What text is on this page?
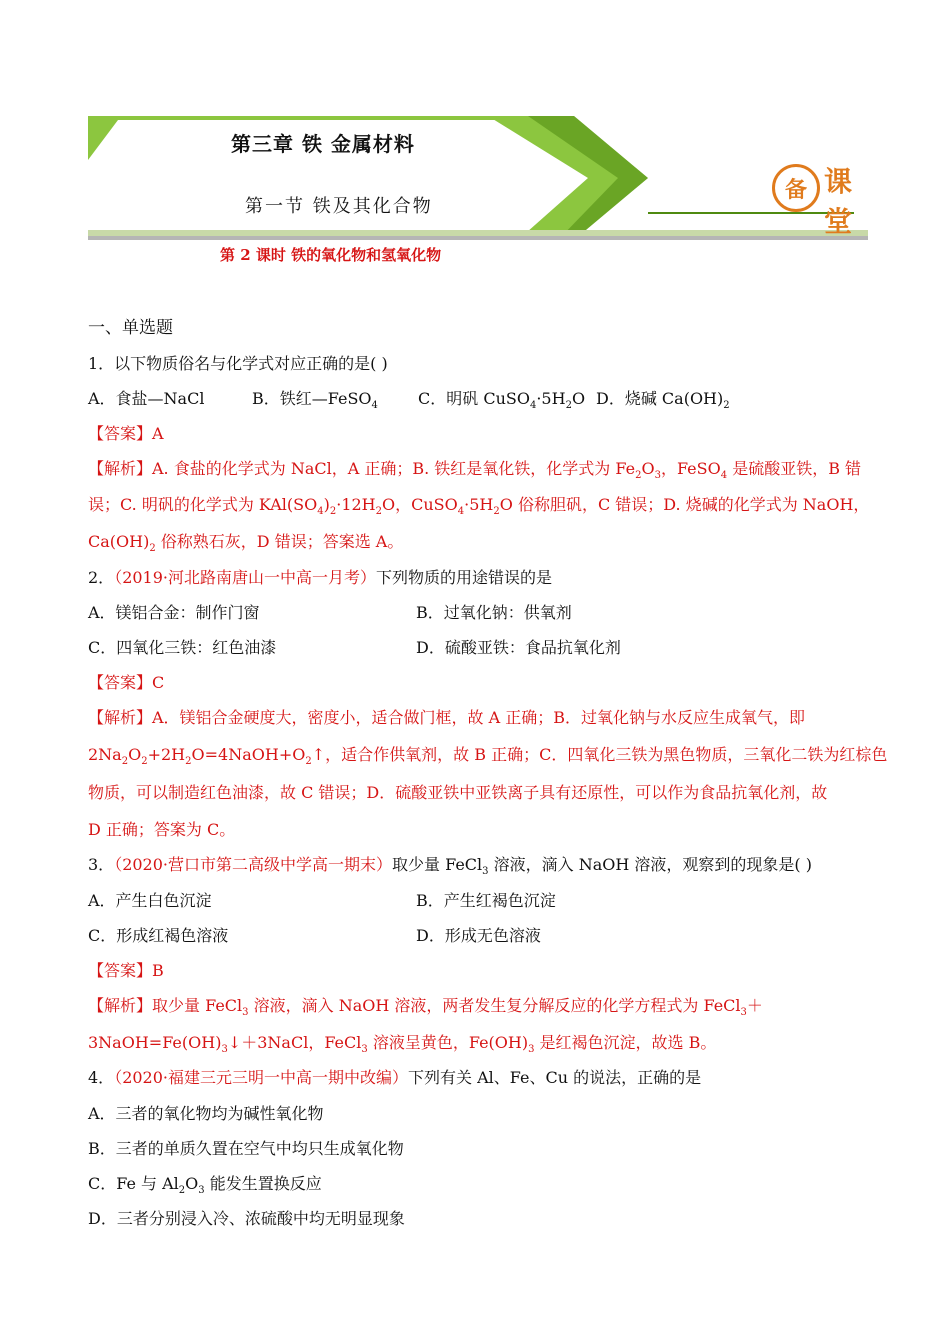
第三章 铁 金属材料
第一节 铁及其化合物
第 2 课时 铁的氧化物和氢氧化物
备 课堂
一、单选题
1．以下物质俗名与化学式对应正确的是( )
A．食盐—NaCl	B．铁红—FeSO$_4$	C．明矾 $CuSO_4\cdot 5H_2O$ D．烧碱 $Ca(OH)_2$
【答案】A
【解析】A. 食盐的化学式为 NaCl，A 正确；B. 铁红是氧化铁，化学式为 $Fe_2O_3$，FeSO$_4$ 是硫酸亚铁，B 错
误；C. 明矾的化学式为 $KAl(SO_4)_2\cdot 12H_2O$，$CuSO_4\cdot 5H_2O$ 俗称胆矾，C 错误；D. 烧碱的化学式为 NaOH，
$Ca(OH)_2$ 俗称熟石灰，D 错误；答案选 A。
2．（2019·河北路南唐山一中高一月考）下列物质的用途错误的是
A．镁铝合金：制作门窗	B．过氧化钠：供氧剂
C．四氧化三铁：红色油漆	D．硫酸亚铁：食品抗氧化剂
【答案】C
【解析】A．镁铝合金硬度大，密度小，适合做门框，故 A 正确；B．过氧化钠与水反应生成氧气，即
$2Na_2O_2+2H_2O=4NaOH+O_2↑$，适合作供氧剂，故 B 正确；C．四氧化三铁为黑色物质，三氧化二铁为红棕色
物质，可以制造红色油漆，故 C 错误；D．硫酸亚铁中亚铁离子具有还原性，可以作为食品抗氧化剂，故
D 正确；答案为 C。
3．（2020·营口市第二高级中学高一期末）取少量 FeCl$_3$ 溶液，滴入 NaOH 溶液，观察到的现象是( )
A．产生白色沉淀	B．产生红褐色沉淀
C．形成红褐色溶液	D．形成无色溶液
【答案】B
【解析】取少量 FeCl$_3$ 溶液，滴入 NaOH 溶液，两者发生复分解反应的化学方程式为 FeCl$_3$＋
$3NaOH=Fe(OH)_3↓+3NaCl$，FeCl$_3$ 溶液呈黄色，$Fe(OH)_3$ 是红褐色沉淀，故选 B。
4．（2020·福建三元三明一中高一期中改编）下列有关 Al、Fe、Cu 的说法，正确的是
A．三者的氧化物均为碱性氧化物
B．三者的单质久置在空气中均只生成氧化物
C．Fe 与 $Al_2O_3$ 能发生置换反应
D．三者分别浸入冷、浓硫酸中均无明显现象
